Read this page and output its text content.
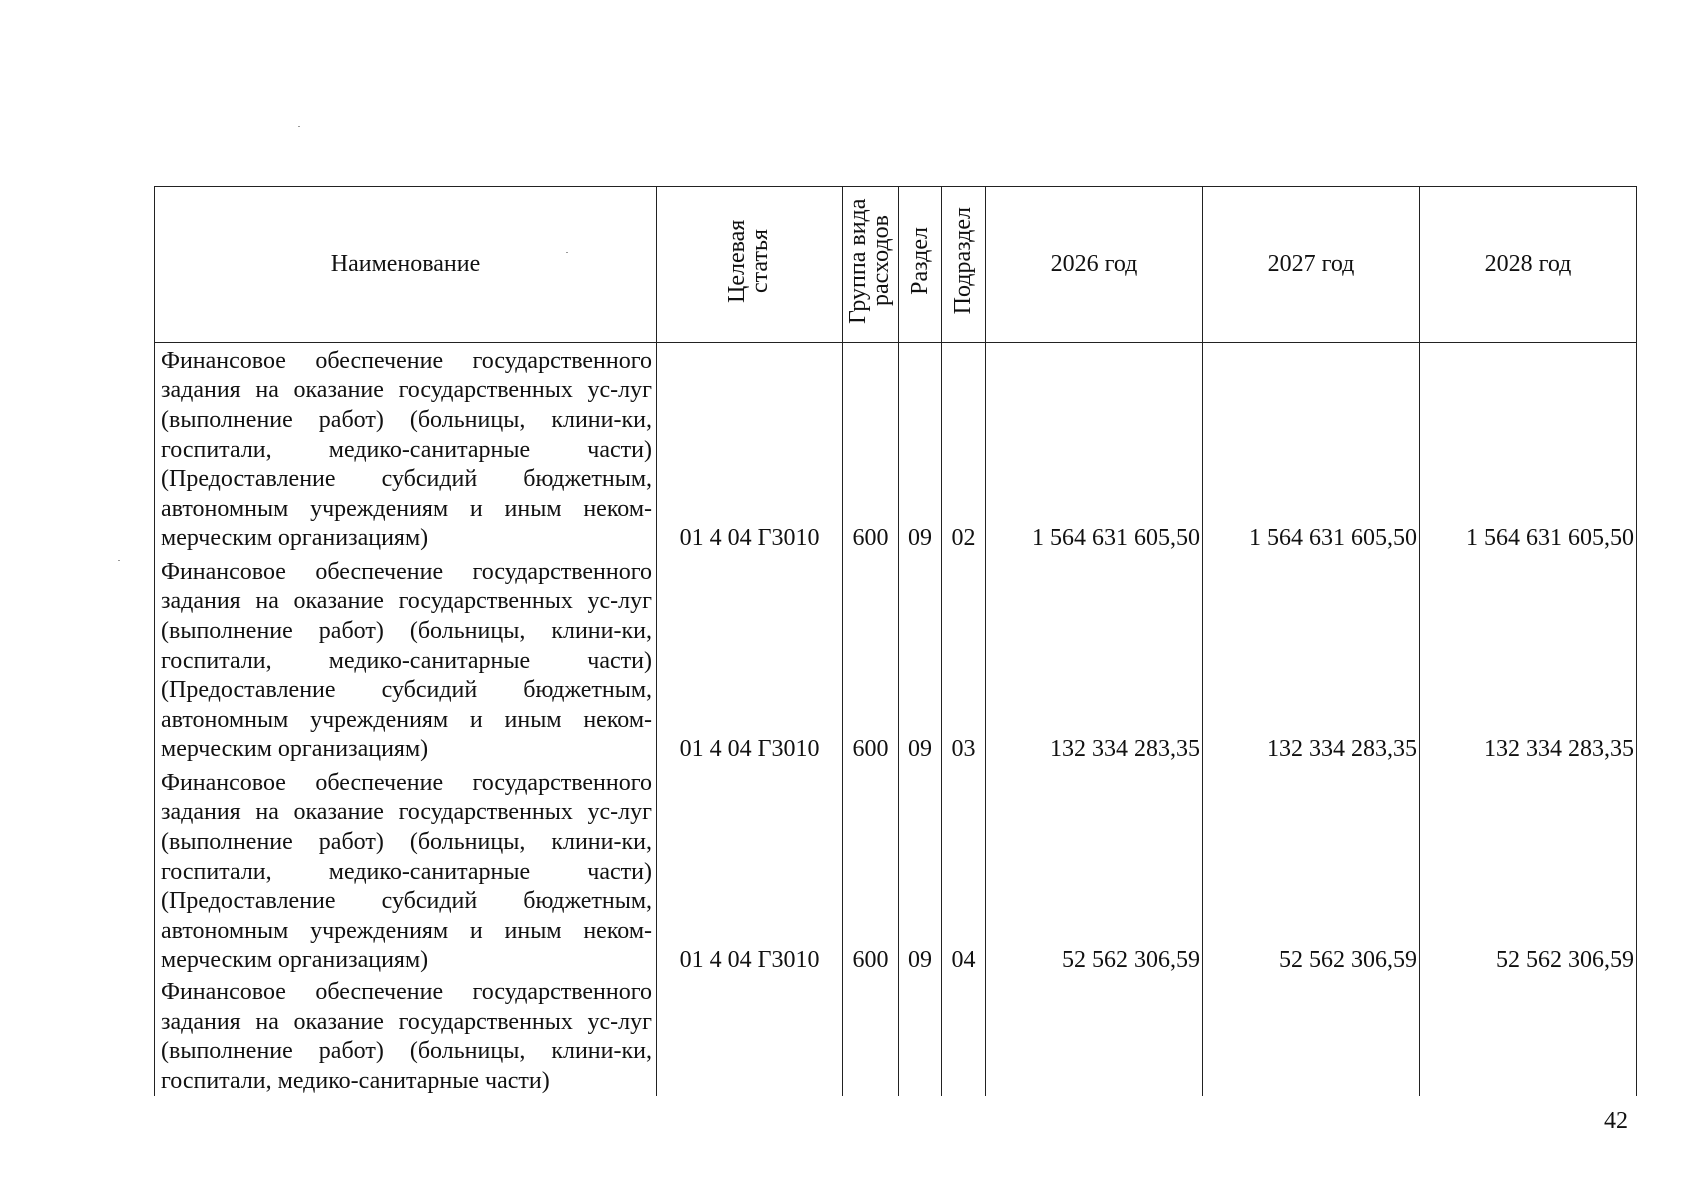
Наименование	Целевая статья	Группа вида расходов	Раздел	Подраздел	2026 год	2027 год	2028 год
Финансовое обеспечение государственного задания на оказание государственных ус-луг (выполнение работ) (больницы, клини-ки, госпитали, медико-санитарные части) (Предоставление субсидий бюджетным, автономным учреждениям и иным неком-мерческим организациям)	01 4 04 Г3010	600	09	02	1 564 631 605,50	1 564 631 605,50	1 564 631 605,50
Финансовое обеспечение государственного задания на оказание государственных ус-луг (выполнение работ) (больницы, клини-ки, госпитали, медико-санитарные части) (Предоставление субсидий бюджетным, автономным учреждениям и иным неком-мерческим организациям)	01 4 04 Г3010	600	09	03	132 334 283,35	132 334 283,35	132 334 283,35
Финансовое обеспечение государственного задания на оказание государственных ус-луг (выполнение работ) (больницы, клини-ки, госпитали, медико-санитарные части) (Предоставление субсидий бюджетным, автономным учреждениям и иным неком-мерческим организациям)	01 4 04 Г3010	600	09	04	52 562 306,59	52 562 306,59	52 562 306,59
Финансовое обеспечение государственного задания на оказание государственных ус-луг (выполнение работ) (больницы, клини-ки, госпитали, медико-санитарные части)							
42
